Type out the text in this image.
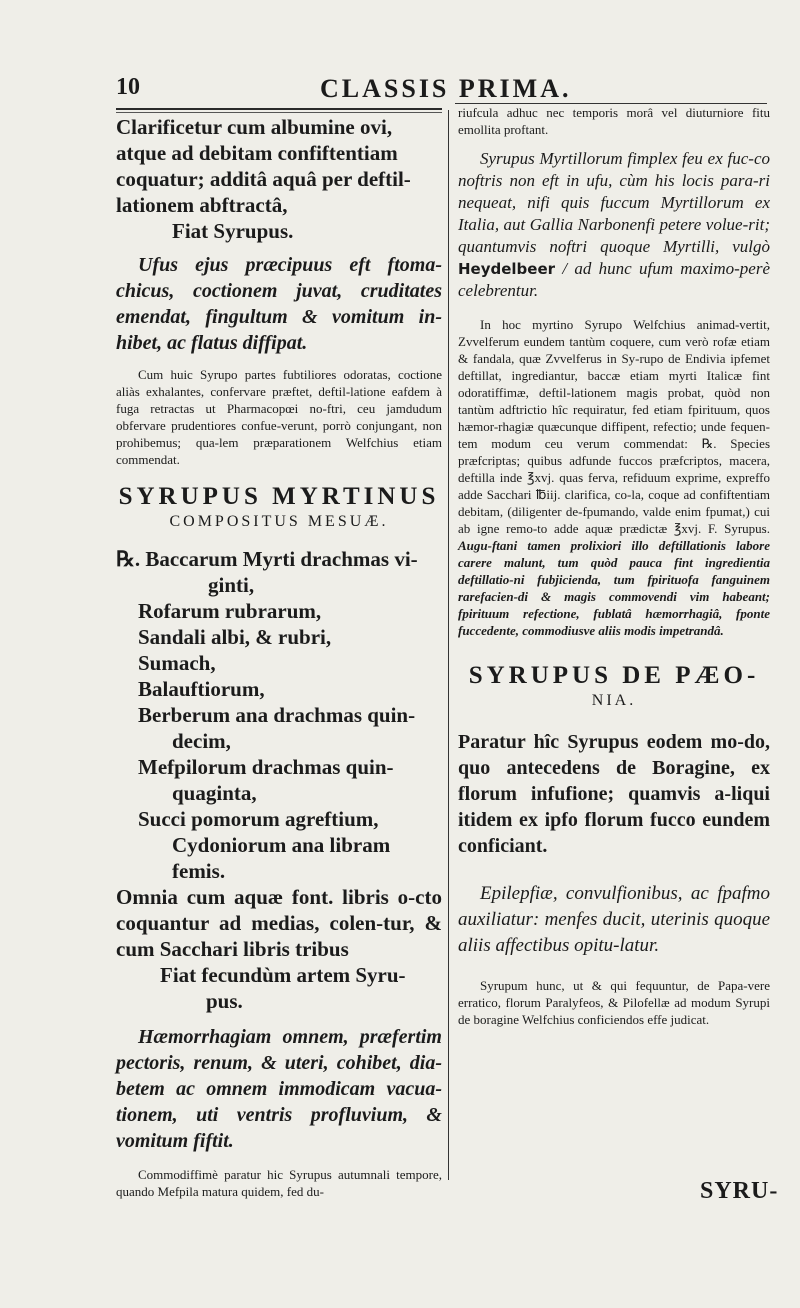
10	CLASSIS PRIMA.

Clarificetur cum albumine ovi,

atque ad debitam confiftentiam

coquatur; additâ aquâ per deftil-

lationem abftractâ,

Fiat Syrupus.

Ufus ejus præcipuus eft ftoma-chicus, coctionem juvat, cruditates emendat, fingultum & vomitum in-hibet, ac flatus diffipat.

Cum huic Syrupo partes fubtiliores odoratas, coctione aliàs exhalantes, confervare præftet, deftil-latione eafdem à fuga retractas ut Pharmacopœi no-ftri, ceu jamdudum obfervare prudentiores confue-verunt, porrò conjungant, non prohibemus; qua-lem præparationem Welfchius etiam commendat.

SYRUPUS MYRTINUS

COMPOSITUS MESUÆ.

℞. Baccarum Myrti drachmas vi-

ginti,

Rofarum rubrarum,

Sandali albi, & rubri,

Sumach,

Balauftiorum,

Berberum ana drachmas quin-

decim,

Mefpilorum drachmas quin-

quaginta,

Succi pomorum agreftium,

Cydoniorum ana libram

femis.

Omnia cum aquæ font. libris o-cto coquantur ad medias, colen-tur, & cum Sacchari libris tribus

Fiat fecundùm artem Syru-

pus.

Hæmorrhagiam omnem, præfertim pectoris, renum, & uteri, cohibet, dia-betem ac omnem immodicam vacua-tionem, uti ventris profluvium, & vomitum fiftit.

Commodiffimè paratur hic Syrupus autumnali tempore, quando Mefpila matura quidem, fed du-

riufcula adhuc nec temporis morâ vel diuturniore fitu emollita proftant.

Syrupus Myrtillorum fimplex feu ex fuc-co noftris non eft in ufu, cùm his locis para-ri nequeat, nifi quis fuccum Myrtillorum ex Italia, aut Gallia Narbonenfi petere volue-rit; quantumvis noftri quoque Myrtilli, vulgò Heydelbeer / ad hunc ufum maximo-perè celebrentur.

In hoc myrtino Syrupo Welfchius animad-vertit, Zvvelferum eundem tantùm coquere, cum verò rofæ etiam & fandala, quæ Zvvelferus in Sy-rupo de Endivia ipfemet deftillat, ingrediantur, baccæ etiam myrti Italicæ fint odoratiffimæ, deftil-lationem magis probat, quòd non tantùm adftrictio hîc requiratur, fed etiam fpirituum, quos hæmor-rhagiæ quæcunque diffipent, refectio; unde fequen-tem modum ceu verum commendat: ℞. Species præfcriptas; quibus adfunde fuccos præfcriptos, macera, deftilla inde ℥xvj. quas ferva, refiduum exprime, expreffo adde Sacchari ℔iij. clarifica, co-la, coque ad confiftentiam debitam, (diligenter de-fpumando, valde enim fpumat,) cui ab igne remo-to adde aquæ prædictæ ℥xvj. F. Syrupus. Augu-ftani tamen prolixiori illo deftillationis labore carere malunt, tum quòd pauca fint ingredientia deftillatio-ni fubjicienda, tum fpirituofa fanguinem rarefacien-di & magis commovendi vim habeant; fpirituum refectione, fublatâ hæmorrhagiâ, fponte fuccedente, commodiusve aliis modis impetrandâ.

SYRUPUS DE PÆO-

NIA.

Paratur hîc Syrupus eodem mo-do, quo antecedens de Boragine, ex florum infufione; quamvis a-liqui itidem ex ipfo florum fucco eundem conficiant.

Epilepfiæ, convulfionibus, ac fpafmo auxiliatur: menfes ducit, uterinis quoque aliis affectibus opitu-latur.

Syrupum hunc, ut & qui fequuntur, de Papa-vere erratico, florum Paralyfeos, & Pilofellæ ad modum Syrupi de boragine Welfchius conficiendos effe judicat.

SYRU-
